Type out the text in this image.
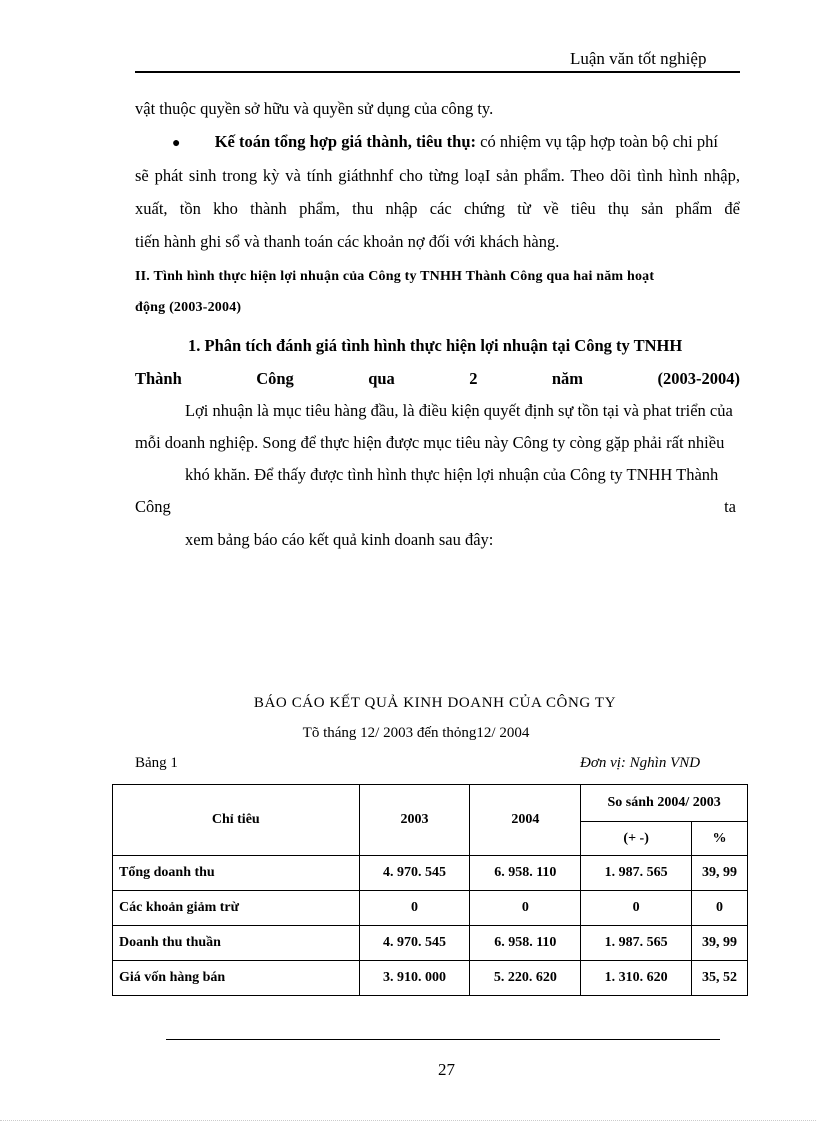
Luận văn tốt nghiệp
vật thuộc quyền sở hữu và quyền sử dụng của công ty.
● Kế toán tổng hợp giá thành, tiêu thụ: có nhiệm vụ tập hợp toàn bộ chi phí
sẽ phát sinh trong kỳ và tính giáthnhf cho từng loạI sản phẩm. Theo dõi tình hình nhập,
xuất, tồn kho thành phẩm, thu nhập các chứng từ về tiêu thụ sản phẩm để
tiến hành ghi sổ và thanh toán các khoản nợ đối với khách hàng.
II. Tình hình thực hiện lợi nhuận của Công ty TNHH Thành Công qua hai năm hoạt
động (2003-2004)
1. Phân tích đánh giá tình hình thực hiện lợi nhuận tại Công ty TNHH
Thành	Công	qua	2	năm	(2003-2004)
Lợi nhuận là mục tiêu hàng đầu, là điều kiện quyết định sự tồn tại và phat triển của
mỗi doanh nghiệp. Song để thực hiện được mục tiêu này Công ty còng gặp phải rất nhiều
khó khăn. Để thấy được tình hình thực hiện lợi nhuận của Công ty TNHH Thành
Công	ta
xem bảng báo cáo kết quả kinh doanh sau đây:
BÁO CÁO KẾT QUẢ KINH DOANH CỦA CÔNG TY
Tõ tháng 12/ 2003 đến thỏng12/ 2004
Bảng 1	Đơn vị: Nghìn VND
Chỉ tiêu	2003	2004	So sánh 2004/ 2003	
			(+ -)	%
Tổng doanh thu	4. 970. 545	6. 958. 110	1. 987. 565	39, 99
Các khoản giảm trừ	0	0	0	0
Doanh thu thuần	4. 970. 545	6. 958. 110	1. 987. 565	39, 99
Giá vốn hàng bán	3. 910. 000	5. 220. 620	1. 310. 620	35, 52
27
